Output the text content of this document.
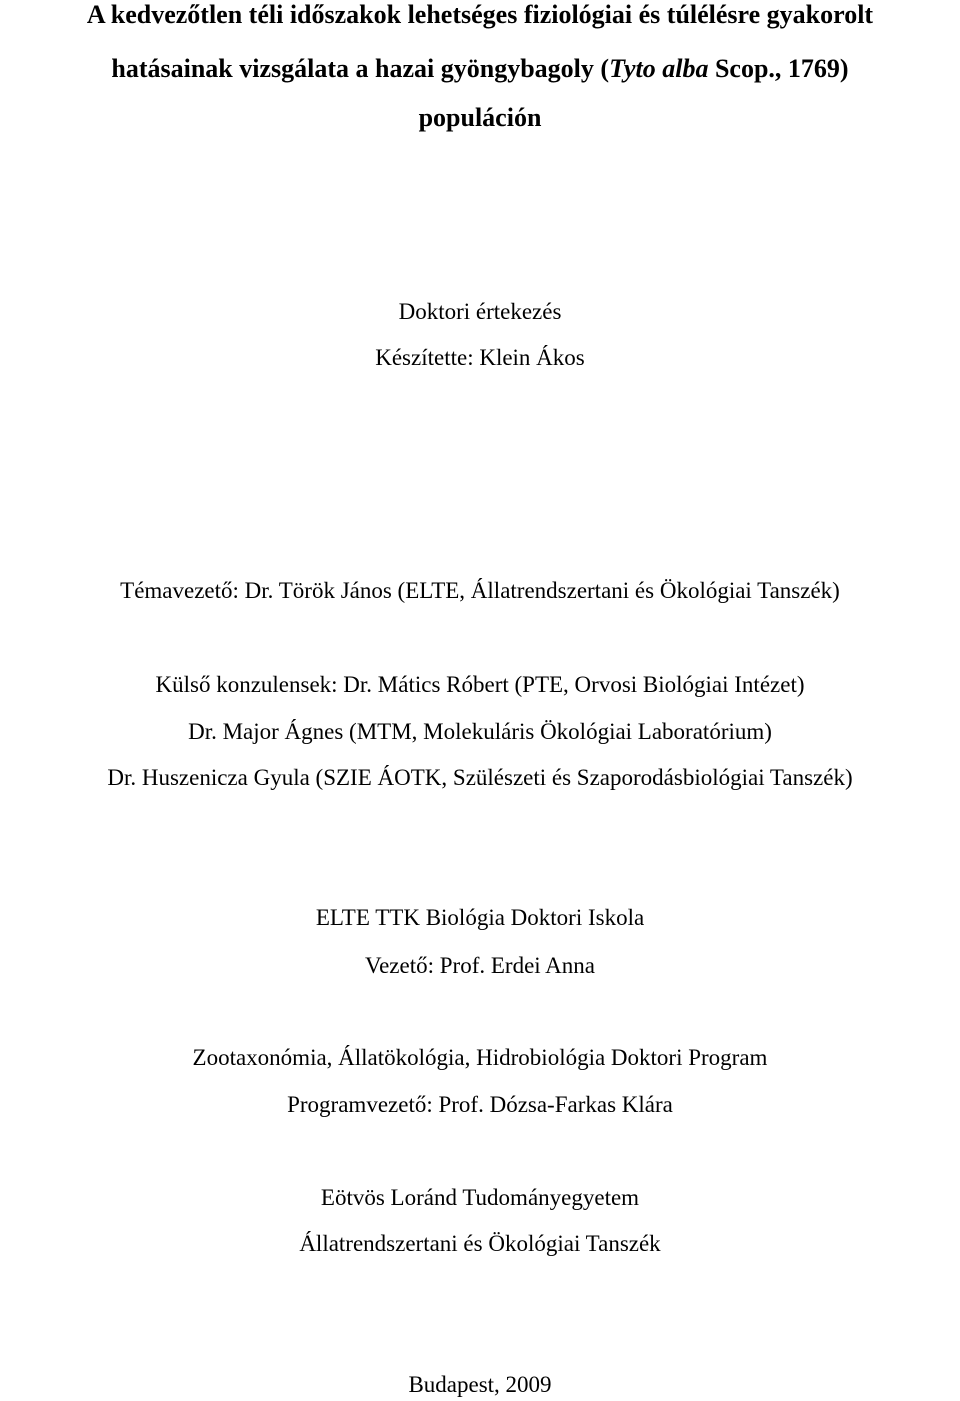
A kedvezőtlen téli időszakok lehetséges fiziológiai és túlélésre gyakorolt
hatásainak vizsgálata a hazai gyöngybagoly (Tyto alba Scop., 1769)
populáción
Doktori értekezés
Készítette: Klein Ákos
Témavezető: Dr. Török János (ELTE, Állatrendszertani és Ökológiai Tanszék)
Külső konzulensek: Dr. Mátics Róbert (PTE, Orvosi Biológiai Intézet)
Dr. Major Ágnes (MTM, Molekuláris Ökológiai Laboratórium)
Dr. Huszenicza Gyula (SZIE ÁOTK, Szülészeti és Szaporodásbiológiai Tanszék)
ELTE TTK Biológia Doktori Iskola
Vezető: Prof. Erdei Anna
Zootaxonómia, Állatökológia, Hidrobiológia Doktori Program
Programvezető: Prof. Dózsa-Farkas Klára
Eötvös Loránd Tudományegyetem
Állatrendszertani és Ökológiai Tanszék
Budapest, 2009
